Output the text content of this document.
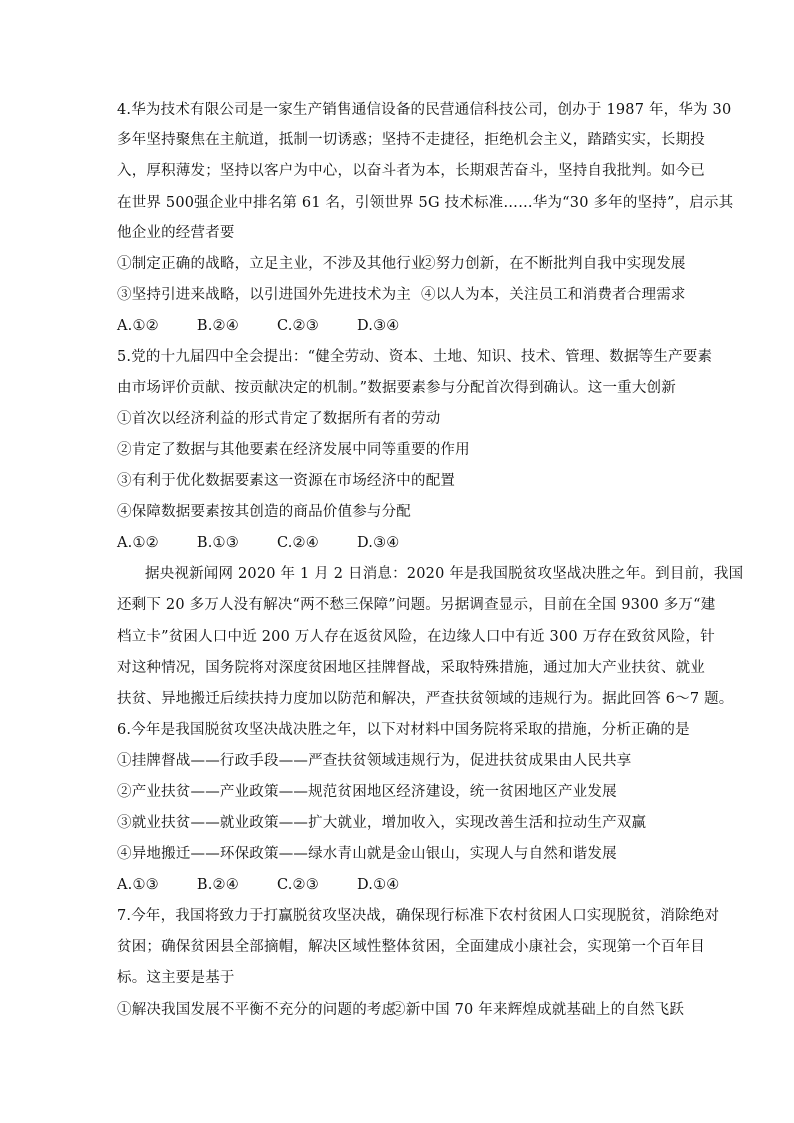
4.华为技术有限公司是一家生产销售通信设备的民营通信科技公司，创办于 1987 年，华为 30
多年坚持聚焦在主航道，抵制一切诱惑；坚持不走捷径，拒绝机会主义，踏踏实实，长期投
入，厚积薄发；坚持以客户为中心，以奋斗者为本，长期艰苦奋斗，坚持自我批判。如今已
在世界 500强企业中排名第 61 名，引领世界 5G 技术标准……华为“30 多年的坚持”，启示其
他企业的经营者要
①制定正确的战略，立足主业，不涉及其他行业②努力创新，在不断批判自我中实现发展
③坚持引进来战略，以引进国外先进技术为主 ④以人为本，关注员工和消费者合理需求
A.①②	B.②④	C.②③	D.③④
5.党的十九届四中全会提出：“健全劳动、资本、土地、知识、技术、管理、数据等生产要素
由市场评价贡献、按贡献决定的机制。”数据要素参与分配首次得到确认。这一重大创新
①首次以经济利益的形式肯定了数据所有者的劳动
②肯定了数据与其他要素在经济发展中同等重要的作用
③有利于优化数据要素这一资源在市场经济中的配置
④保障数据要素按其创造的商品价值参与分配
A.①②	B.①③	C.②④	D.③④
据央视新闻网 2020 年 1 月 2 日消息：2020 年是我国脱贫攻坚战决胜之年。到目前，我国
还剩下 20 多万人没有解决“两不愁三保障”问题。另据调查显示，目前在全国 9300 多万“建
档立卡”贫困人口中近 200 万人存在返贫风险，在边缘人口中有近 300 万存在致贫风险，针
对这种情况，国务院将对深度贫困地区挂牌督战，采取特殊措施，通过加大产业扶贫、就业
扶贫、异地搬迁后续扶持力度加以防范和解决，严查扶贫领域的违规行为。据此回答 6～7 题。
6.今年是我国脱贫攻坚决战决胜之年，以下对材料中国务院将采取的措施，分析正确的是
①挂牌督战——行政手段——严查扶贫领域违规行为，促进扶贫成果由人民共享
②产业扶贫——产业政策——规范贫困地区经济建设，统一贫困地区产业发展
③就业扶贫——就业政策——扩大就业，增加收入，实现改善生活和拉动生产双赢
④异地搬迁——环保政策——绿水青山就是金山银山，实现人与自然和谐发展
A.①③	B.②④	C.②③	D.①④
7.今年，我国将致力于打赢脱贫攻坚决战，确保现行标准下农村贫困人口实现脱贫，消除绝对
贫困；确保贫困县全部摘帽，解决区域性整体贫困，全面建成小康社会，实现第一个百年目
标。这主要是基于
①解决我国发展不平衡不充分的问题的考虑②新中国 70 年来辉煌成就基础上的自然飞跃
